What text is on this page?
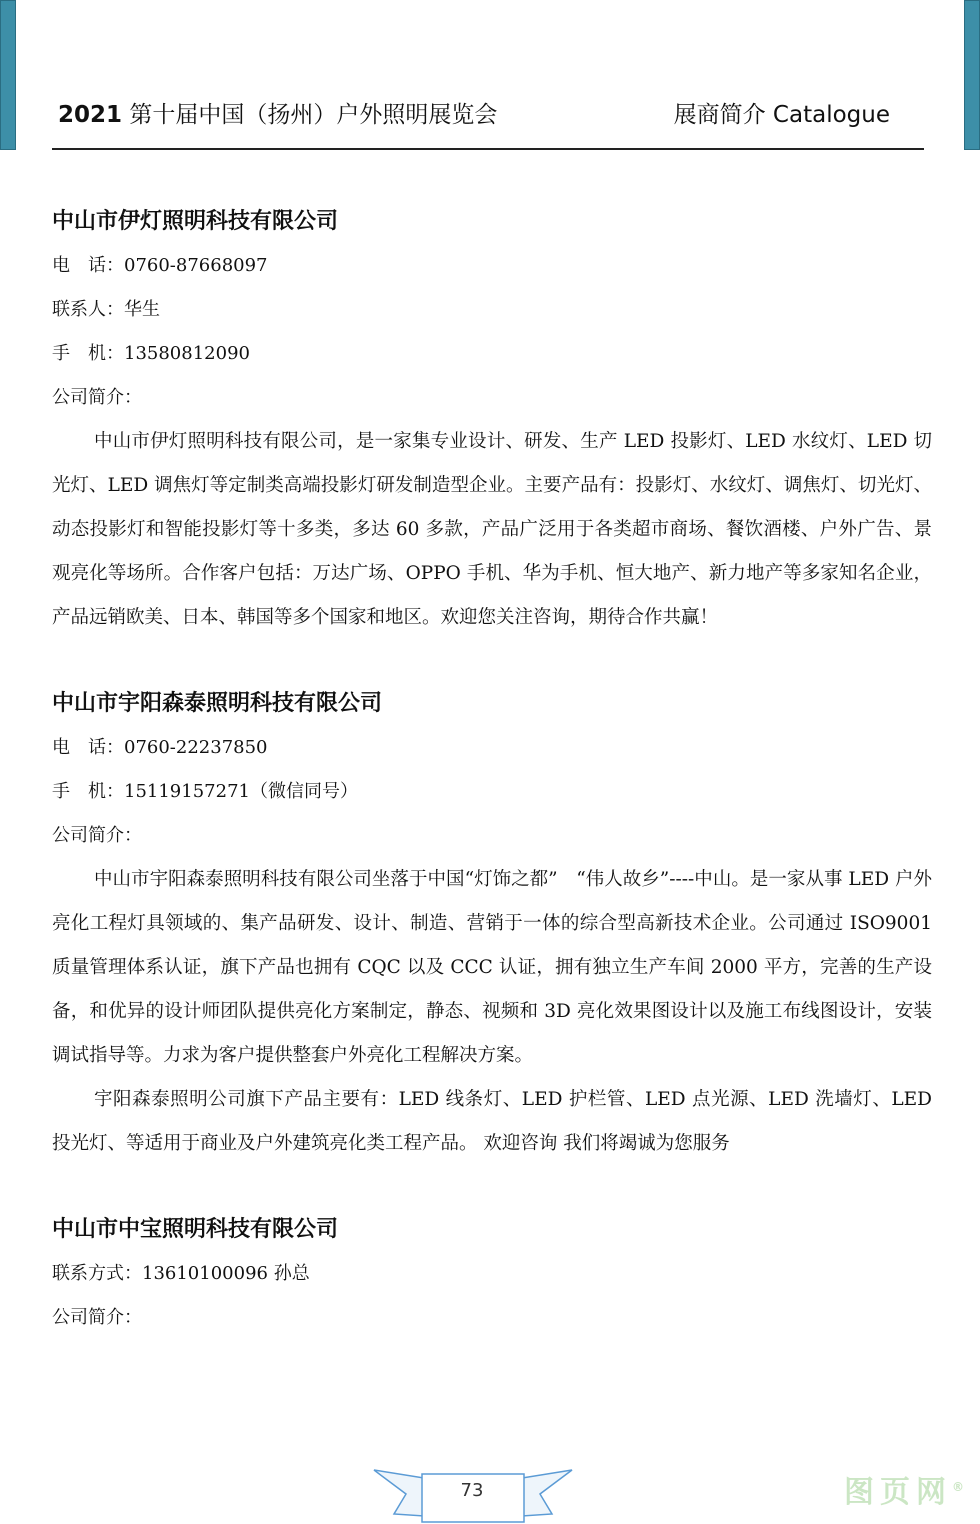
2021 第十届中国（扬州）户外照明展览会	展商简介 Catalogue

中山市伊灯照明科技有限公司

电　话：0760-87668097

联系人：华生

手　机：13580812090

公司简介：

中山市伊灯照明科技有限公司，是一家集专业设计、研发、生产 LED 投影灯、LED 水纹灯、LED 切光灯、LED 调焦灯等定制类高端投影灯研发制造型企业。主要产品有：投影灯、水纹灯、调焦灯、切光灯、动态投影灯和智能投影灯等十多类，多达 60 多款，产品广泛用于各类超市商场、餐饮酒楼、户外广告、景观亮化等场所。合作客户包括：万达广场、OPPO 手机、华为手机、恒大地产、新力地产等多家知名企业，产品远销欧美、日本、韩国等多个国家和地区。欢迎您关注咨询，期待合作共赢！

中山市宇阳森泰照明科技有限公司

电　话：0760-22237850

手　机：15119157271（微信同号）

公司简介：

中山市宇阳森泰照明科技有限公司坐落于中国“灯饰之都”　“伟人故乡”----中山。是一家从事 LED 户外亮化工程灯具领域的、集产品研发、设计、制造、营销于一体的综合型高新技术企业。公司通过 ISO9001 质量管理体系认证，旗下产品也拥有 CQC 以及 CCC 认证，拥有独立生产车间 2000 平方，完善的生产设备，和优异的设计师团队提供亮化方案制定，静态、视频和 3D 亮化效果图设计以及施工布线图设计，安装调试指导等。力求为客户提供整套户外亮化工程解决方案。

宇阳森泰照明公司旗下产品主要有：LED 线条灯、LED 护栏管、LED 点光源、LED 洗墙灯、LED 投光灯、等适用于商业及户外建筑亮化类工程产品。 欢迎咨询 我们将竭诚为您服务

中山市中宝照明科技有限公司

联系方式：13610100096 孙总

公司简介：

73	图页网®
